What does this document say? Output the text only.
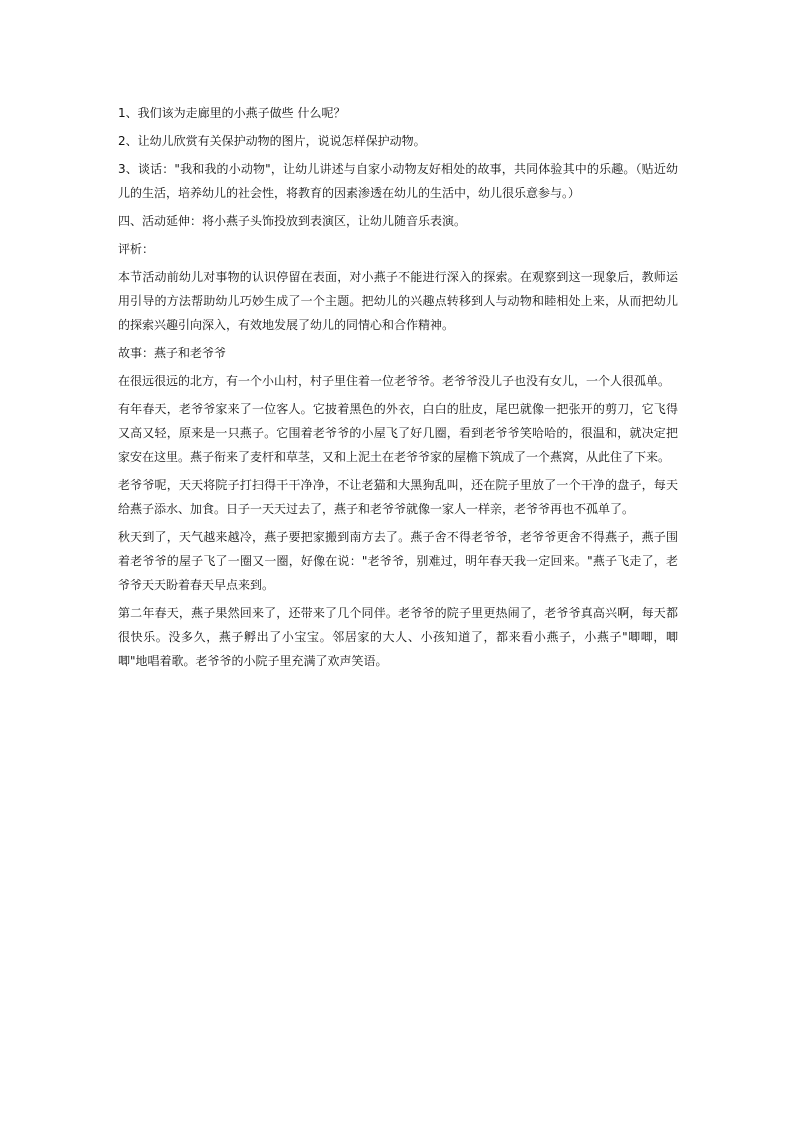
1、我们该为走廊里的小燕子做些 什么呢？

2、让幼儿欣赏有关保护动物的图片，说说怎样保护动物。

3、谈话："我和我的小动物"，让幼儿讲述与自家小动物友好相处的故事，共同体验其中的乐趣。（贴近幼儿的生活，培养幼儿的社会性，将教育的因素渗透在幼儿的生活中，幼儿很乐意参与。）

四、活动延伸：将小燕子头饰投放到表演区，让幼儿随音乐表演。

评析：

本节活动前幼儿对事物的认识停留在表面，对小燕子不能进行深入的探索。在观察到这一现象后，教师运用引导的方法帮助幼儿巧妙生成了一个主题。把幼儿的兴趣点转移到人与动物和睦相处上来，从而把幼儿的探索兴趣引向深入，有效地发展了幼儿的同情心和合作精神。

故事：燕子和老爷爷

在很远很远的北方，有一个小山村，村子里住着一位老爷爷。老爷爷没儿子也没有女儿，一个人很孤单。

有年春天，老爷爷家来了一位客人。它披着黑色的外衣，白白的肚皮，尾巴就像一把张开的剪刀，它飞得又高又轻，原来是一只燕子。它围着老爷爷的小屋飞了好几圈，看到老爷爷笑哈哈的，很温和，就决定把家安在这里。燕子衔来了麦杆和草茎，又和上泥土在老爷爷家的屋檐下筑成了一个燕窝，从此住了下来。

老爷爷呢，天天将院子打扫得干干净净，不让老猫和大黑狗乱叫，还在院子里放了一个干净的盘子，每天给燕子添水、加食。日子一天天过去了，燕子和老爷爷就像一家人一样亲，老爷爷再也不孤单了。

秋天到了，天气越来越冷，燕子要把家搬到南方去了。燕子舍不得老爷爷，老爷爷更舍不得燕子，燕子围着老爷爷的屋子飞了一圈又一圈，好像在说："老爷爷，别难过，明年春天我一定回来。"燕子飞走了，老爷爷天天盼着春天早点来到。

第二年春天，燕子果然回来了，还带来了几个同伴。老爷爷的院子里更热闹了，老爷爷真高兴啊，每天都很快乐。没多久，燕子孵出了小宝宝。邻居家的大人、小孩知道了，都来看小燕子，小燕子"唧唧，唧唧"地唱着歌。老爷爷的小院子里充满了欢声笑语。
